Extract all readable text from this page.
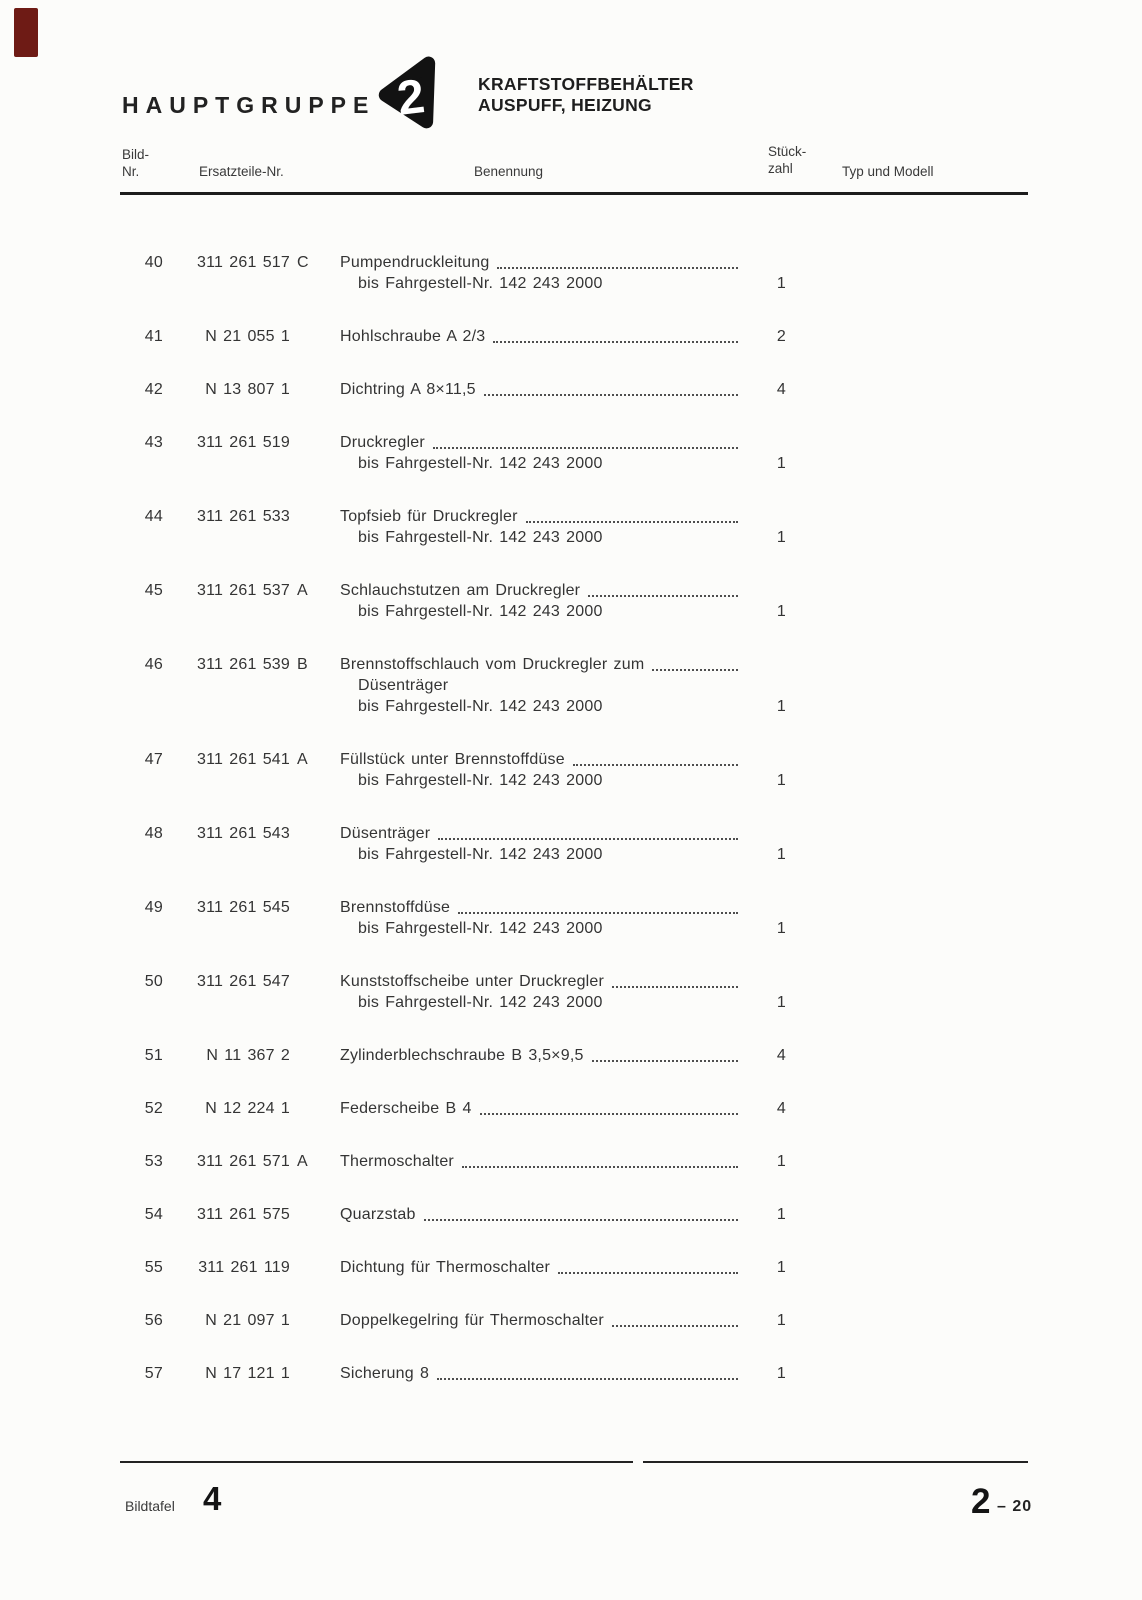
HAUPTGRUPPE 2	KRAFTSTOFFBEHÄLTER
AUSPUFF, HEIZUNG
Bild-
Nr.	Ersatzteile-Nr.	Benennung
Stück-
zahl	Typ und Modell
40	311 261 517 C	Pumpendruckleitung
bis Fahrgestell-Nr. 142 243 2000	1
41	N 21 055 1	Hohlschraube A 2/3	2
42	N 13 807 1	Dichtring A 8×11,5	4
43	311 261 519	Druckregler
bis Fahrgestell-Nr. 142 243 2000	1
44	311 261 533	Topfsieb für Druckregler
bis Fahrgestell-Nr. 142 243 2000	1
45	311 261 537 A	Schlauchstutzen am Druckregler
bis Fahrgestell-Nr. 142 243 2000	1
46	311 261 539 B	Brennstoffschlauch vom Druckregler zum
Düsenträger
bis Fahrgestell-Nr. 142 243 2000	1
47	311 261 541 A	Füllstück unter Brennstoffdüse
bis Fahrgestell-Nr. 142 243 2000	1
48	311 261 543	Düsenträger
bis Fahrgestell-Nr. 142 243 2000	1
49	311 261 545	Brennstoffdüse
bis Fahrgestell-Nr. 142 243 2000	1
50	311 261 547	Kunststoffscheibe unter Druckregler
bis Fahrgestell-Nr. 142 243 2000	1
51	N 11 367 2	Zylinderblechschraube B 3,5×9,5	4
52	N 12 224 1	Federscheibe B 4	4
53	311 261 571 A	Thermoschalter	1
54	311 261 575	Quarzstab	1
55	311 261 119	Dichtung für Thermoschalter	1
56	N 21 097 1	Doppelkegelring für Thermoschalter	1
57	N 17 121 1	Sicherung 8	1
Bildtafel 4	2 – 20
